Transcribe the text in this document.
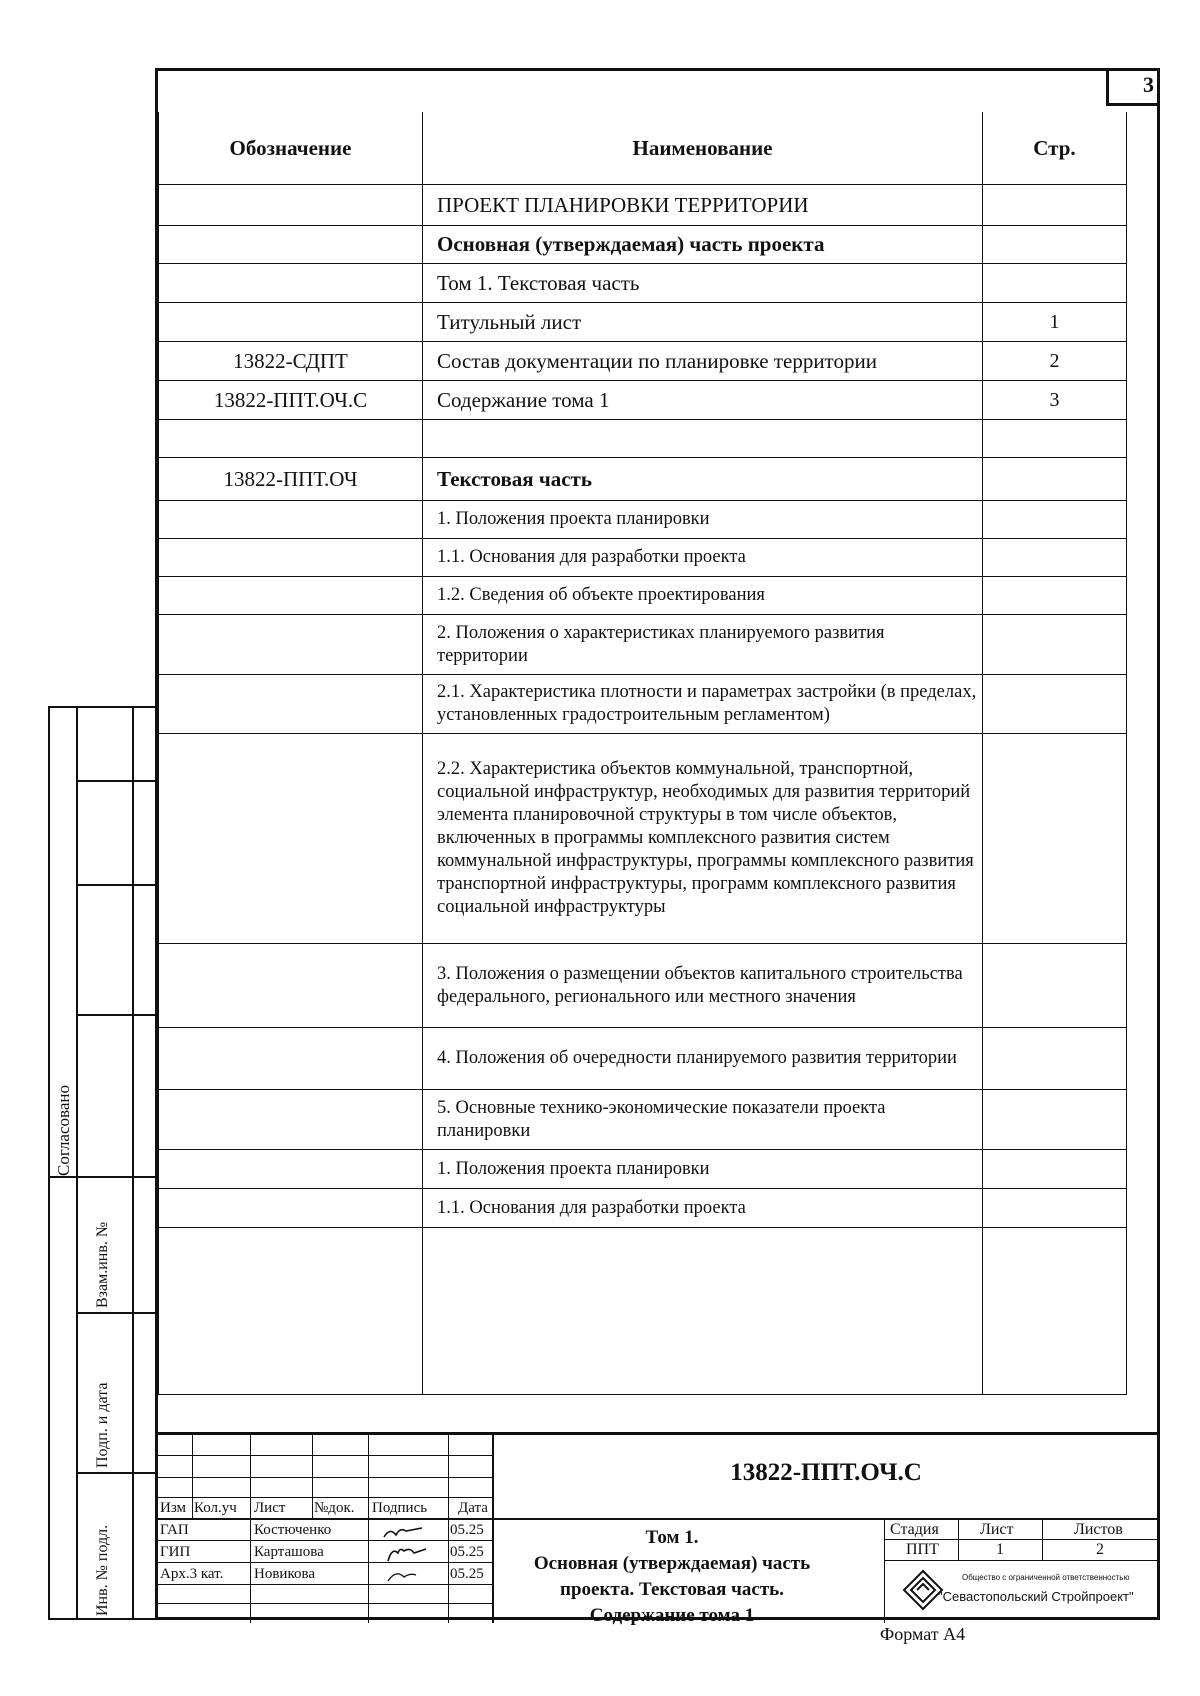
3
Обозначение	Наименование	Стр.
	ПРОЕКТ ПЛАНИРОВКИ ТЕРРИТОРИИ	
	Основная (утверждаемая) часть проекта	
	Том 1. Текстовая часть	
	Титульный лист	1
13822-СДПТ	Состав документации по планировке территории	2
13822-ППТ.ОЧ.С	Содержание тома 1	3

13822-ППТ.ОЧ	Текстовая часть	
	1. Положения проекта планировки	
	1.1. Основания для разработки проекта	
	1.2. Сведения об объекте проектирования	
	2. Положения о характеристиках планируемого развития территории	
	2.1. Характеристика плотности и параметрах застройки (в пределах, установленных градостроительным регламентом)	
	2.2. Характеристика объектов коммунальной, транспортной, социальной инфраструктур, необходимых для развития территорий элемента планировочной структуры в том числе объектов, включенных в программы комплексного развития систем коммунальной инфраструктуры, программы комплексного развития транспортной инфраструктуры, программ комплексного развития социальной инфраструктуры	
	3. Положения о размещении объектов капитального строительства федерального, регионального или местного значения	
	4. Положения об очередности планируемого развития территории	
	5. Основные технико-экономические показатели проекта планировки	
	1. Положения проекта планировки	
	1.1. Основания для разработки проекта	

Согласовано
Взам.инв. №
Подп. и дата
Инв. № подл.
Изм Кол.уч Лист №док. Подпись Дата
ГАП	Костюченко	05.25
ГИП	Карташова	05.25
Арх.3 кат. Новикова	05.25
13822-ППТ.ОЧ.С
Том 1.
Основная (утверждаемая) часть
проекта. Текстовая часть.
Содержание тома 1
Стадия	Лист	Листов
ППТ	1	2
Общество с ограниченной ответственностью
"Севастопольский Стройпроект"
Формат А4
